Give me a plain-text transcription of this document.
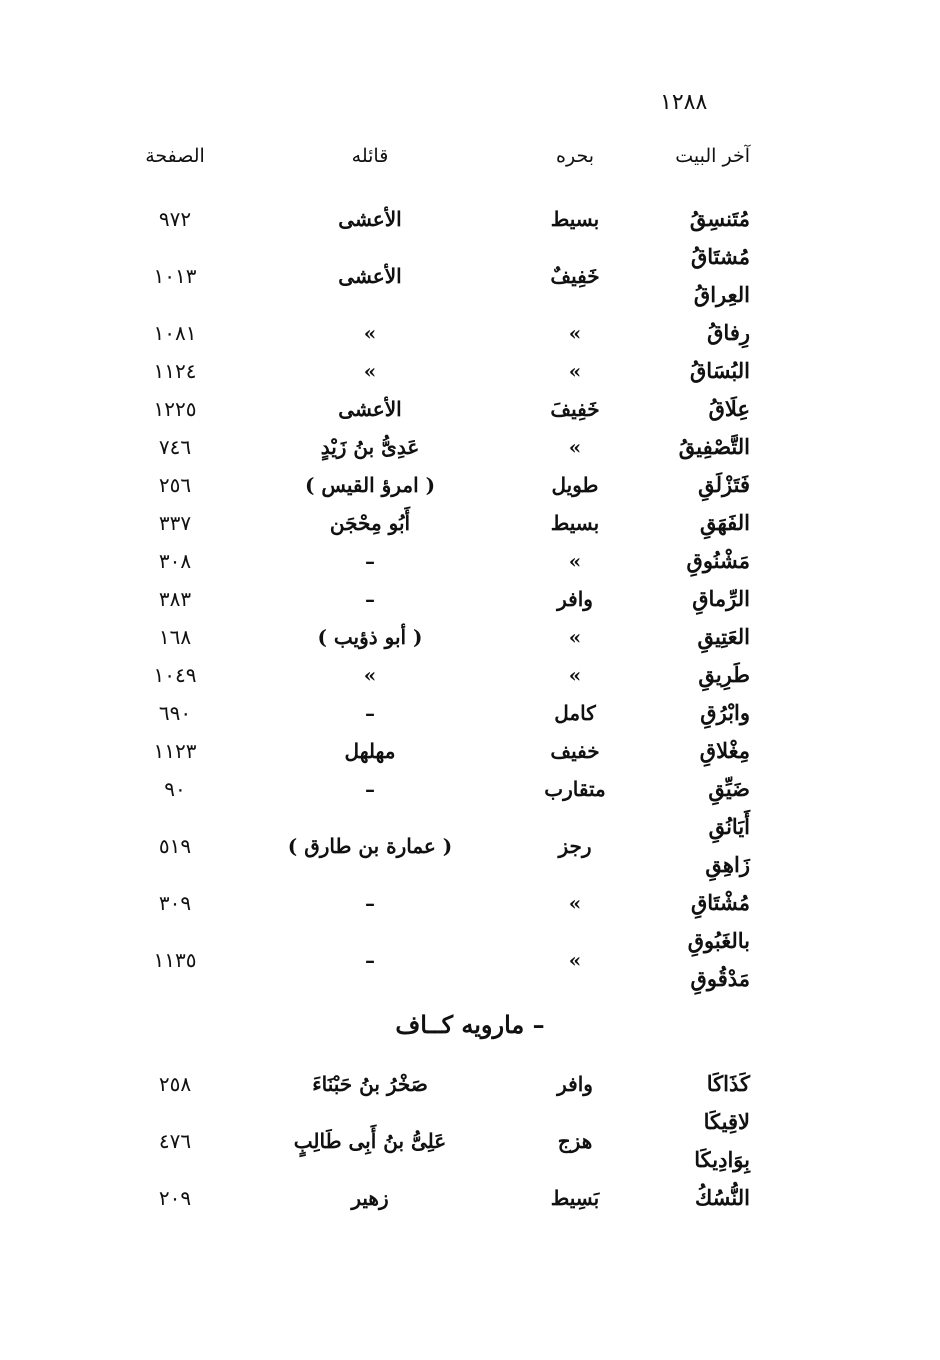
١٢٨٨
آخر البيت
بحره
قائله
الصفحة
مُتَنسِقُ
بسيط
الأعشى
٩٧٢
مُشتَاقُ
العِراقُ
خَفِيفٌ
الأعشى
١٠١٣
رِفاقُ
»
»
١٠٨١
البُسَاقُ
»
»
١١٢٤
عِلَاقُ
خَفِيفَ
الأعشى
١٢٢٥
التَّصْفِيقُ
»
عَدِىُّ بنُ زَيْدٍ
٧٤٦
فَتَزْلَقِ
طويل
( امرؤ القيس )
٢٥٦
الفَهَقِ
بسيط
أَبُو مِحْجَن
٣٣٧
مَشْنُوقِ
»
–
٣٠٨
الرِّماقِ
وافر
–
٣٨٣
العَتِيقِ
»
( أبو ذؤيب )
١٦٨
طَرِيقِ
»
»
١٠٤٩
وابْرُقِ
كامل
–
٦٩٠
مِغْلاقِ
خفيف
مهلهل
١١٢٣
ضَيِّقِ
متقارب
–
٩٠
أَيَانُقِ
زَاهِقِ
رجز
( عمارة بن طارق )
٥١٩
مُشْتَاقِ
»
–
٣٠٩
بالغَبُوقِ
مَدْقُوقِ
»
–
١١٣٥
– مارويه كــاف
كَذَاكَا
وافر
صَخْرُ بنُ حَبْنَاءَ
٢٥٨
لاقِيكَا
بِوَادِيكَا
هزج
عَلِىُّ بنُ أَبِى طَالِبٍ
٤٧٦
النُّسُكُ
بَسِيط
زهير
٢٠٩
